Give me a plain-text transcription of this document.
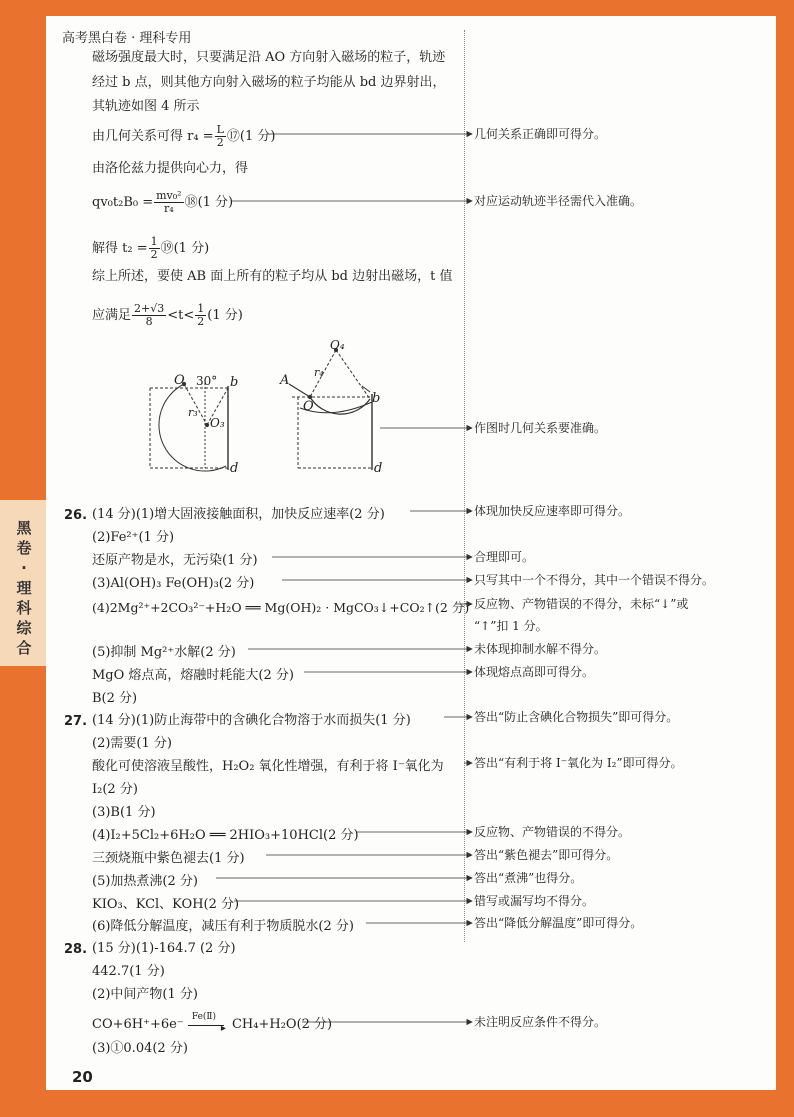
高考黑白卷 · 理科专用
黑卷·理科综合
磁场强度最大时，只要满足沿 AO 方向射入磁场的粒子，轨迹
经过 b 点，则其他方向射入磁场的粒子均能从 bd 边界射出，
其轨迹如图 4 所示
由几何关系可得 $r_4 = \frac{L}{2}$ ⑰(1 分)
由洛伦兹力提供向心力，得
$qv_0t_2B_0 = \frac{\text{mv₀²}}{\text{r₄}}$ ⑱(1 分)
解得 $t_2 = \frac{1}{2}$ ⑲(1 分)
综上所述，要使 AB 面上所有的粒子均从 bd 边射出磁场，t 值
应满足 $\frac{2+√3}{8} <t< \frac{1}{2} (1$ 分)
O 30° b
r₃
O₃
d
O₄
A
r₄
O
b
d
26. (14 分)(1)增大固液接触面积，加快反应速率(2 分)
(2)Fe²⁺(1 分)
还原产物是水，无污染(1 分)
(3)Al(OH)₃ Fe(OH)₃(2 分)
(4)2Mg²⁺+2CO₃²⁻+H₂O ══ Mg(OH)₂ · MgCO₃↓+CO₂↑(2 分)
(5)抑制 Mg²⁺水解(2 分)
MgO 熔点高，熔融时耗能大(2 分)
B(2 分)
27. (14 分)(1)防止海带中的含碘化合物溶于水而损失(1 分)
(2)需要(1 分)
酸化可使溶液呈酸性，H₂O₂ 氧化性增强，有利于将 I⁻氧化为
I₂(2 分)
(3)B(1 分)
(4)I₂+5Cl₂+6H₂O ══ 2HIO₃+10HCl(2 分)
三颈烧瓶中紫色褪去(1 分)
(5)加热煮沸(2 分)
KIO₃、KCl、KOH(2 分)
(6)降低分解温度，减压有利于物质脱水(2 分)
28. (15 分)(1)-164.7 (2 分)
442.7(1 分)
(2)中间产物(1 分)
CO+6H⁺+6e⁻
Fe(Ⅱ)
▸ CH₄+H₂O(2 分)
(3)①0.04(2 分)
几何关系正确即可得分。
对应运动轨迹半径需代入准确。
作图时几何关系要准确。
体现加快反应速率即可得分。
合理即可。
只写其中一个不得分，其中一个错误不得分。
反应物、产物错误的不得分，未标“↓”或
“↑”扣 1 分。
未体现抑制水解不得分。
体现熔点高即可得分。
答出“防止含碘化合物损失”即可得分。
答出“有利于将 I⁻氧化为 I₂”即可得分。
反应物、产物错误的不得分。
答出“紫色褪去”即可得分。
答出“煮沸”也得分。
错写或漏写均不得分。
答出“降低分解温度”即可得分。
未注明反应条件不得分。
20
